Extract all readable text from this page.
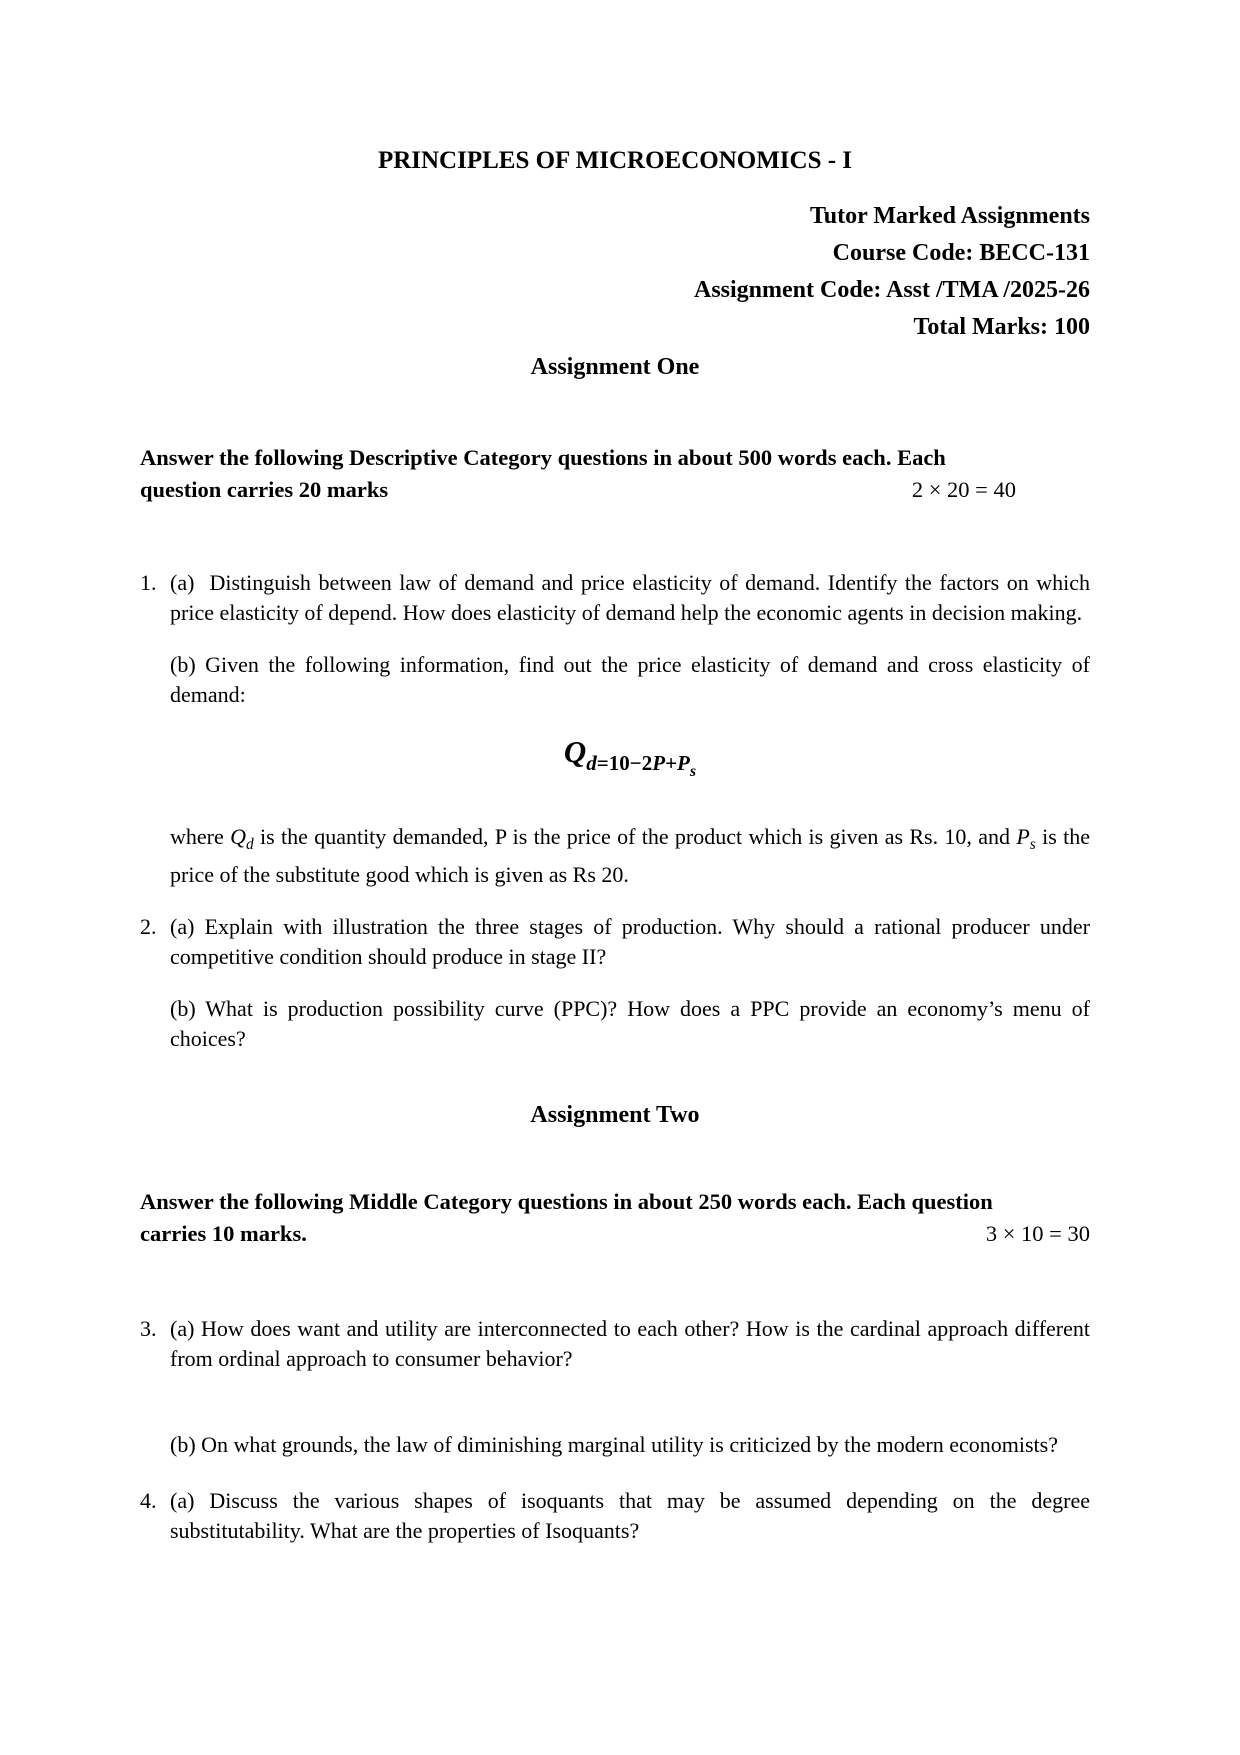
PRINCIPLES OF MICROECONOMICS - I
Tutor Marked Assignments
Course Code: BECC-131
Assignment Code: Asst /TMA /2025-26
Total Marks: 100
Assignment One
Answer the following Descriptive Category questions in about 500 words each. Each
question carries 20 marks	2 × 20 = 40
1. (a)  Distinguish between law of demand and price elasticity of demand. Identify the factors on which price elasticity of depend. How does elasticity of demand help the economic agents in decision making.

(b) Given the following information, find out the price elasticity of demand and cross elasticity of demand:

$Qd=10-2P+P_s$

where $Q_d$ is the quantity demanded, P is the price of the product which is given as Rs. 10, and $P_s$ is the price of the substitute good which is given as Rs 20.

2. (a) Explain with illustration the three stages of production. Why should a rational producer under competitive condition should produce in stage II?

(b) What is production possibility curve (PPC)? How does a PPC provide an economy’s menu of choices?

Assignment Two
Answer the following Middle Category questions in about 250 words each. Each question
carries 10 marks.	3 × 10 = 30
3. (a) How does want and utility are interconnected to each other? How is the cardinal approach different from ordinal approach to consumer behavior?

(b) On what grounds, the law of diminishing marginal utility is criticized by the modern economists?

4. (a) Discuss the various shapes of isoquants that may be assumed depending on the degree substitutability. What are the properties of Isoquants?
